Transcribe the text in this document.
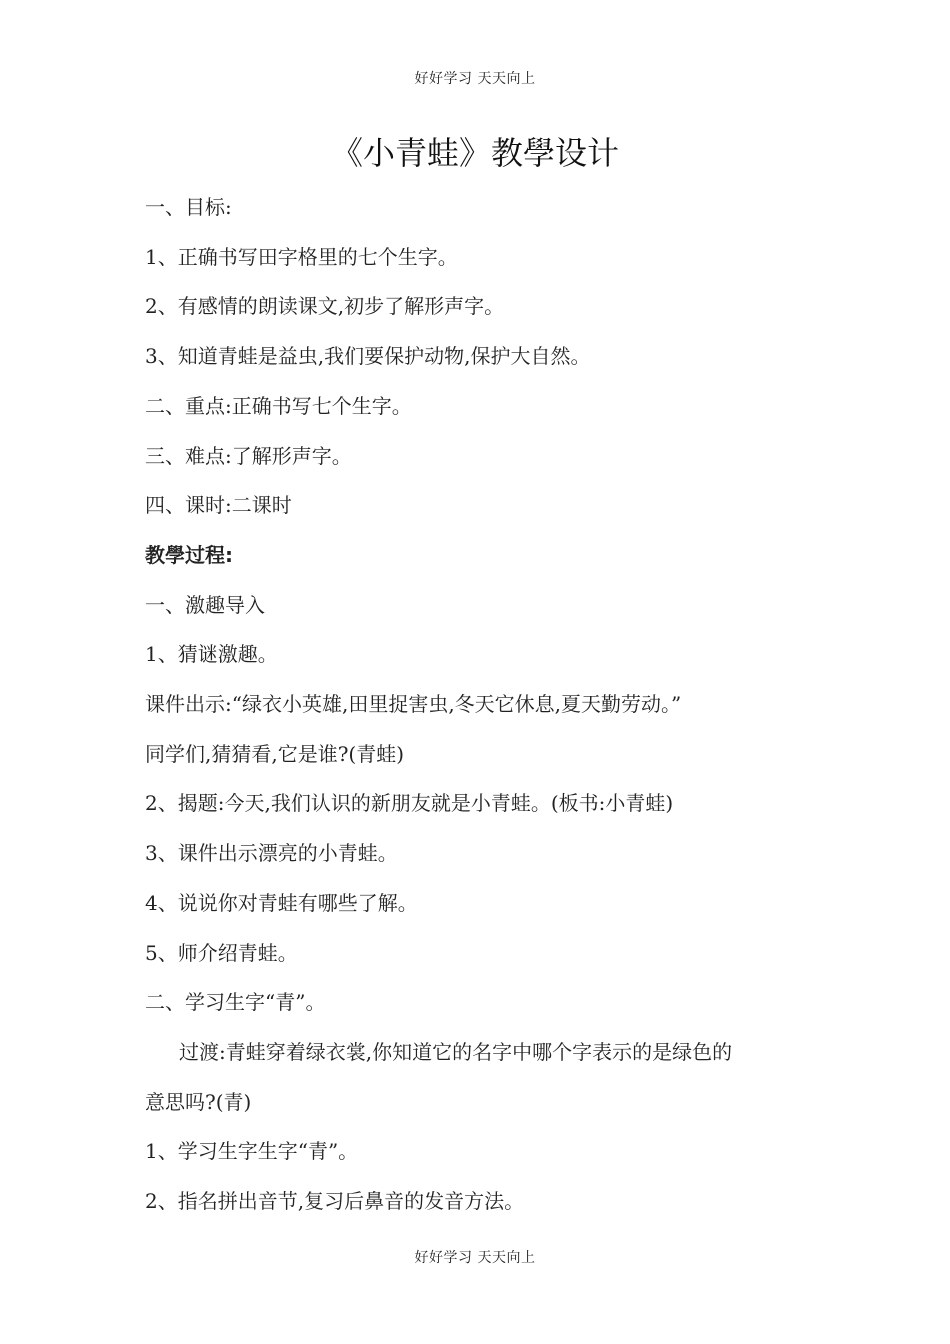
好好学习 天天向上
《小青蛙》教學设计
一、目标:
1、正确书写田字格里的七个生字。
2、有感情的朗读课文,初步了解形声字。
3、知道青蛙是益虫,我们要保护动物,保护大自然。
二、重点:正确书写七个生字。
三、难点:了解形声字。
四、课时:二课时
教學过程:
一、激趣导入
1、猜谜激趣。
课件出示:“绿衣小英雄,田里捉害虫,冬天它休息,夏天勤劳动。”
同学们,猜猜看,它是谁?(青蛙)
2、揭题:今天,我们认识的新朋友就是小青蛙。(板书:小青蛙)
3、课件出示漂亮的小青蛙。
4、说说你对青蛙有哪些了解。
5、师介绍青蛙。
二、学习生字“青”。
过渡:青蛙穿着绿衣裳,你知道它的名字中哪个字表示的是绿色的
意思吗?(青)
1、学习生字生字“青”。
2、指名拼出音节,复习后鼻音的发音方法。
好好学习 天天向上
